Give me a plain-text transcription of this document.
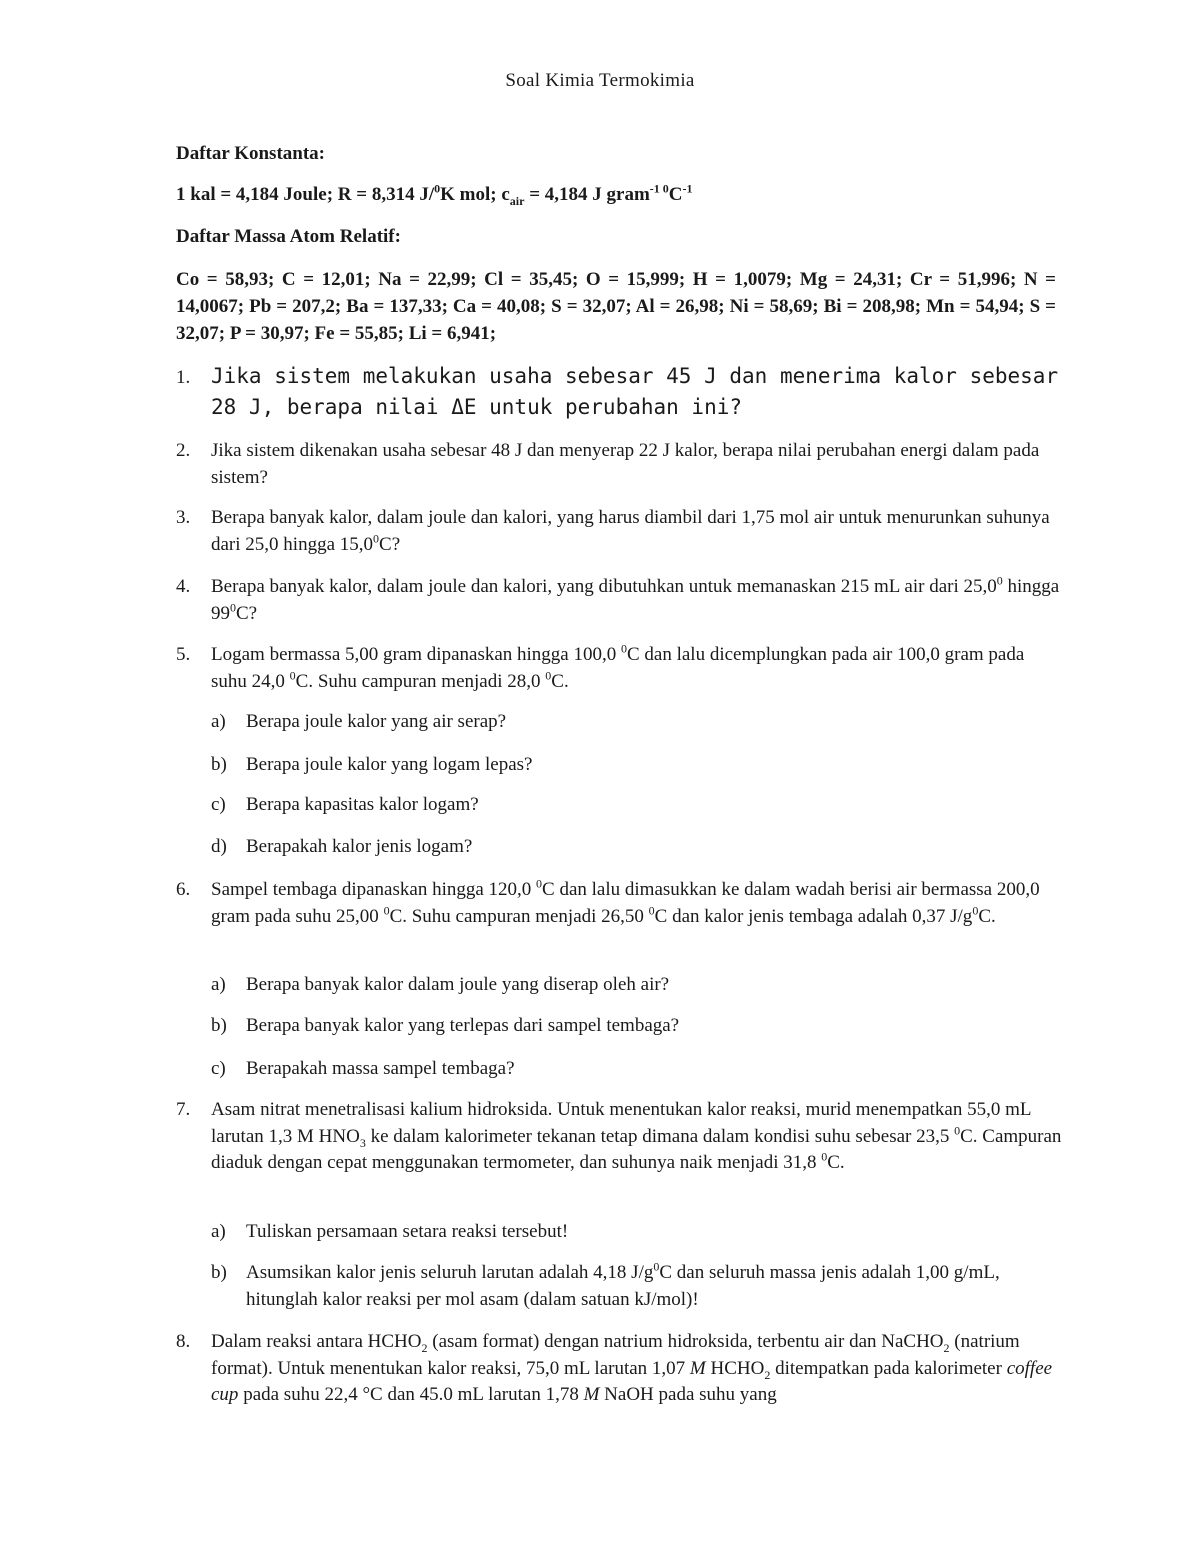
Soal Kimia Termokimia
Daftar Konstanta:
1 kal = 4,184 Joule; R = 8,314 J/$^0$K mol; $c_{air} = 4,184$ J $gram^{-1 0}C^{-1}$
Daftar Massa Atom Relatif:
Co = 58,93; C = 12,01; Na = 22,99; Cl = 35,45; O = 15,999; H = 1,0079; Mg = 24,31; Cr = 51,996; N = 14,0067; Pb = 207,2; Ba = 137,33; Ca = 40,08; S = 32,07; Al = 26,98; Ni = 58,69; Bi = 208,98; Mn = 54,94; S = 32,07; P = 30,97; Fe = 55,85; Li = 6,941;
1. Jika sistem melakukan usaha sebesar 45 J dan menerima kalor sebesar 28 J, berapa nilai ΔE untuk perubahan ini?
2. Jika sistem dikenakan usaha sebesar 48 J dan menyerap 22 J kalor, berapa nilai perubahan energi dalam pada sistem?
3. Berapa banyak kalor, dalam joule dan kalori, yang harus diambil dari 1,75 mol air untuk menurunkan suhunya dari 25,0 hingga 15,0$^0$C?
4. Berapa banyak kalor, dalam joule dan kalori, yang dibutuhkan untuk memanaskan 215 mL air dari 25,0$^0$ hingga $99^0C$?
5. Logam bermassa 5,00 gram dipanaskan hingga 100,0 $^0$C dan lalu dicemplungkan pada air 100,0 gram pada suhu 24,0 $^0$C. Suhu campuran menjadi 28,0 $^0$C.
a) Berapa joule kalor yang air serap?
b) Berapa joule kalor yang logam lepas?
c) Berapa kapasitas kalor logam?
d) Berapakah kalor jenis logam?
6. Sampel tembaga dipanaskan hingga 120,0 $^0$C dan lalu dimasukkan ke dalam wadah berisi air bermassa 200,0 gram pada suhu 25,00 $^0$C. Suhu campuran menjadi 26,50 $^0$C dan kalor jenis tembaga adalah 0,37 $J/g^0C$.
a) Berapa banyak kalor dalam joule yang diserap oleh air?
b) Berapa banyak kalor yang terlepas dari sampel tembaga?
c) Berapakah massa sampel tembaga?
7. Asam nitrat menetralisasi kalium hidroksida. Untuk menentukan kalor reaksi, murid menempatkan 55,0 mL larutan 1,3 M $HNO_3$ ke dalam kalorimeter tekanan tetap dimana dalam kondisi suhu sebesar 23,5 $^0$C. Campuran diaduk dengan cepat menggunakan termometer, dan suhunya naik menjadi 31,8 $^0$C.
a) Tuliskan persamaan setara reaksi tersebut!
b) Asumsikan kalor jenis seluruh larutan adalah 4,18 $J/g^0C$ dan seluruh massa jenis adalah 1,00 g/mL, hitunglah kalor reaksi per mol asam (dalam satuan kJ/mol)!
8. Dalam reaksi antara $HCHO_2$ (asam format) dengan natrium hidroksida, terbentu air dan NaCHO$_2$ (natrium format). Untuk menentukan kalor reaksi, 75,0 mL larutan 1,07 M $HCHO_2$ ditempatkan pada kalorimeter coffee cup pada suhu 22,4 °C dan 45.0 mL larutan 1,78 M NaOH pada suhu yang
